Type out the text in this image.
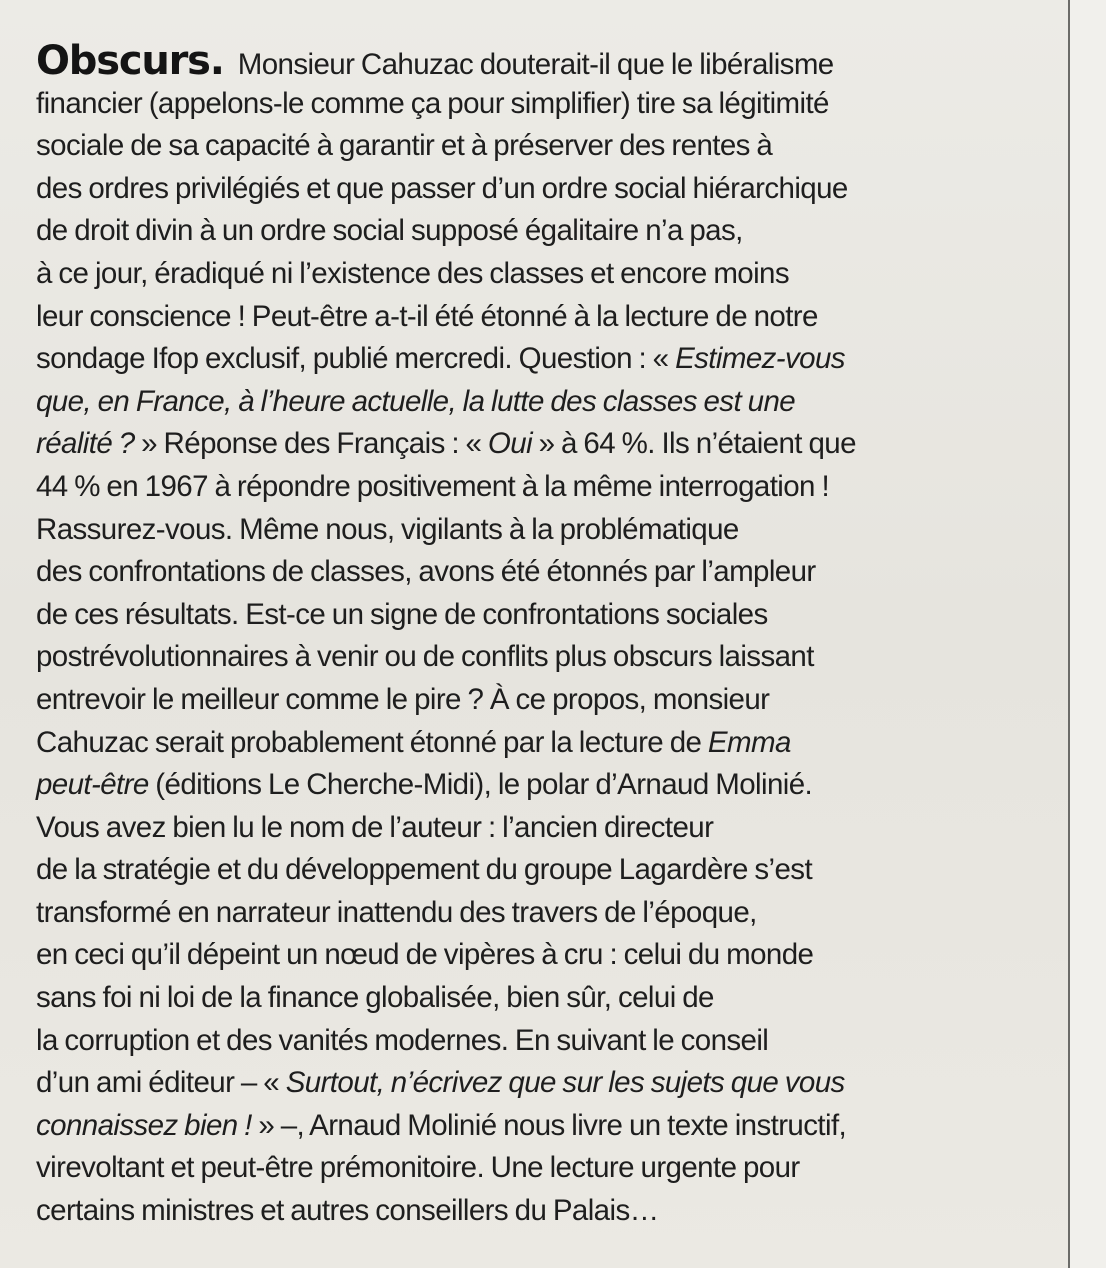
Obscurs. Monsieur Cahuzac douterait-il que le libéralisme
financier (appelons-le comme ça pour simplifier) tire sa légitimité
sociale de sa capacité à garantir et à préserver des rentes à
des ordres privilégiés et que passer d’un ordre social hiérarchique
de droit divin à un ordre social supposé égalitaire n’a pas,
à ce jour, éradiqué ni l’existence des classes et encore moins
leur conscience ! Peut-être a-t-il été étonné à la lecture de notre
sondage Ifop exclusif, publié mercredi. Question : « Estimez-vous
que, en France, à l’heure actuelle, la lutte des classes est une
réalité ? » Réponse des Français : « Oui » à 64 %. Ils n’étaient que
44 % en 1967 à répondre positivement à la même interrogation !
Rassurez-vous. Même nous, vigilants à la problématique
des confrontations de classes, avons été étonnés par l’ampleur
de ces résultats. Est-ce un signe de confrontations sociales
postrévolutionnaires à venir ou de conflits plus obscurs laissant
entrevoir le meilleur comme le pire ? À ce propos, monsieur
Cahuzac serait probablement étonné par la lecture de Emma
peut-être (éditions Le Cherche-Midi), le polar d’Arnaud Molinié.
Vous avez bien lu le nom de l’auteur : l’ancien directeur
de la stratégie et du développement du groupe Lagardère s’est
transformé en narrateur inattendu des travers de l’époque,
en ceci qu’il dépeint un nœud de vipères à cru : celui du monde
sans foi ni loi de la finance globalisée, bien sûr, celui de
la corruption et des vanités modernes. En suivant le conseil
d’un ami éditeur – « Surtout, n’écrivez que sur les sujets que vous
connaissez bien ! » –, Arnaud Molinié nous livre un texte instructif,
virevoltant et peut-être prémonitoire. Une lecture urgente pour
certains ministres et autres conseillers du Palais…
